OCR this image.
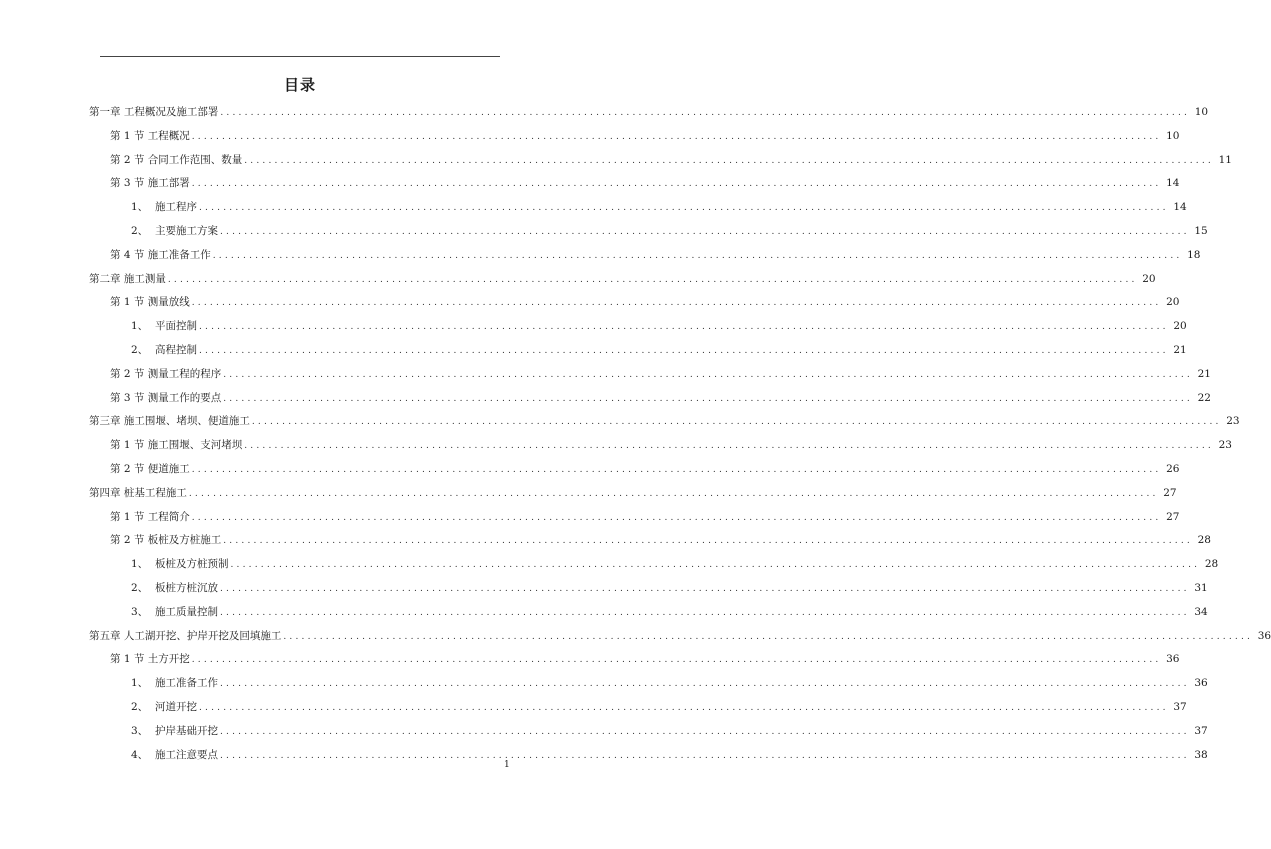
目录
第一章 工程概况及施工部署 ................................................................................................................................................................ 10
第 1 节 工程概况 ................................................................................................................................................................ 10
第 2 节 合同工作范围、数量 ................................................................................................................................................................ 11
第 3 节 施工部署 ................................................................................................................................................................ 14
1、 施工程序 ................................................................................................................................................................ 14
2、 主要施工方案 ................................................................................................................................................................ 15
第 4 节 施工准备工作 ................................................................................................................................................................ 18
第二章 施工测量 ................................................................................................................................................................ 20
第 1 节 测量放线 ................................................................................................................................................................ 20
1、 平面控制 ................................................................................................................................................................ 20
2、 高程控制 ................................................................................................................................................................ 21
第 2 节 测量工程的程序 ................................................................................................................................................................ 21
第 3 节 测量工作的要点 ................................................................................................................................................................ 22
第三章 施工围堰、堵坝、便道施工 ................................................................................................................................................................ 23
第 1 节 施工围堰、支河堵坝 ................................................................................................................................................................ 23
第 2 节 便道施工 ................................................................................................................................................................ 26
第四章 桩基工程施工 ................................................................................................................................................................ 27
第 1 节 工程简介 ................................................................................................................................................................ 27
第 2 节 板桩及方桩施工 ................................................................................................................................................................ 28
1、 板桩及方桩预制 ................................................................................................................................................................ 28
2、 板桩方桩沉放 ................................................................................................................................................................ 31
3、 施工质量控制 ................................................................................................................................................................ 34
第五章 人工湖开挖、护岸开挖及回填施工 ................................................................................................................................................................ 36
第 1 节 土方开挖 ................................................................................................................................................................ 36
1、 施工准备工作 ................................................................................................................................................................ 36
2、 河道开挖 ................................................................................................................................................................ 37
3、 护岸基础开挖 ................................................................................................................................................................ 37
4、 施工注意要点 ................................................................................................................................................................ 38
1
